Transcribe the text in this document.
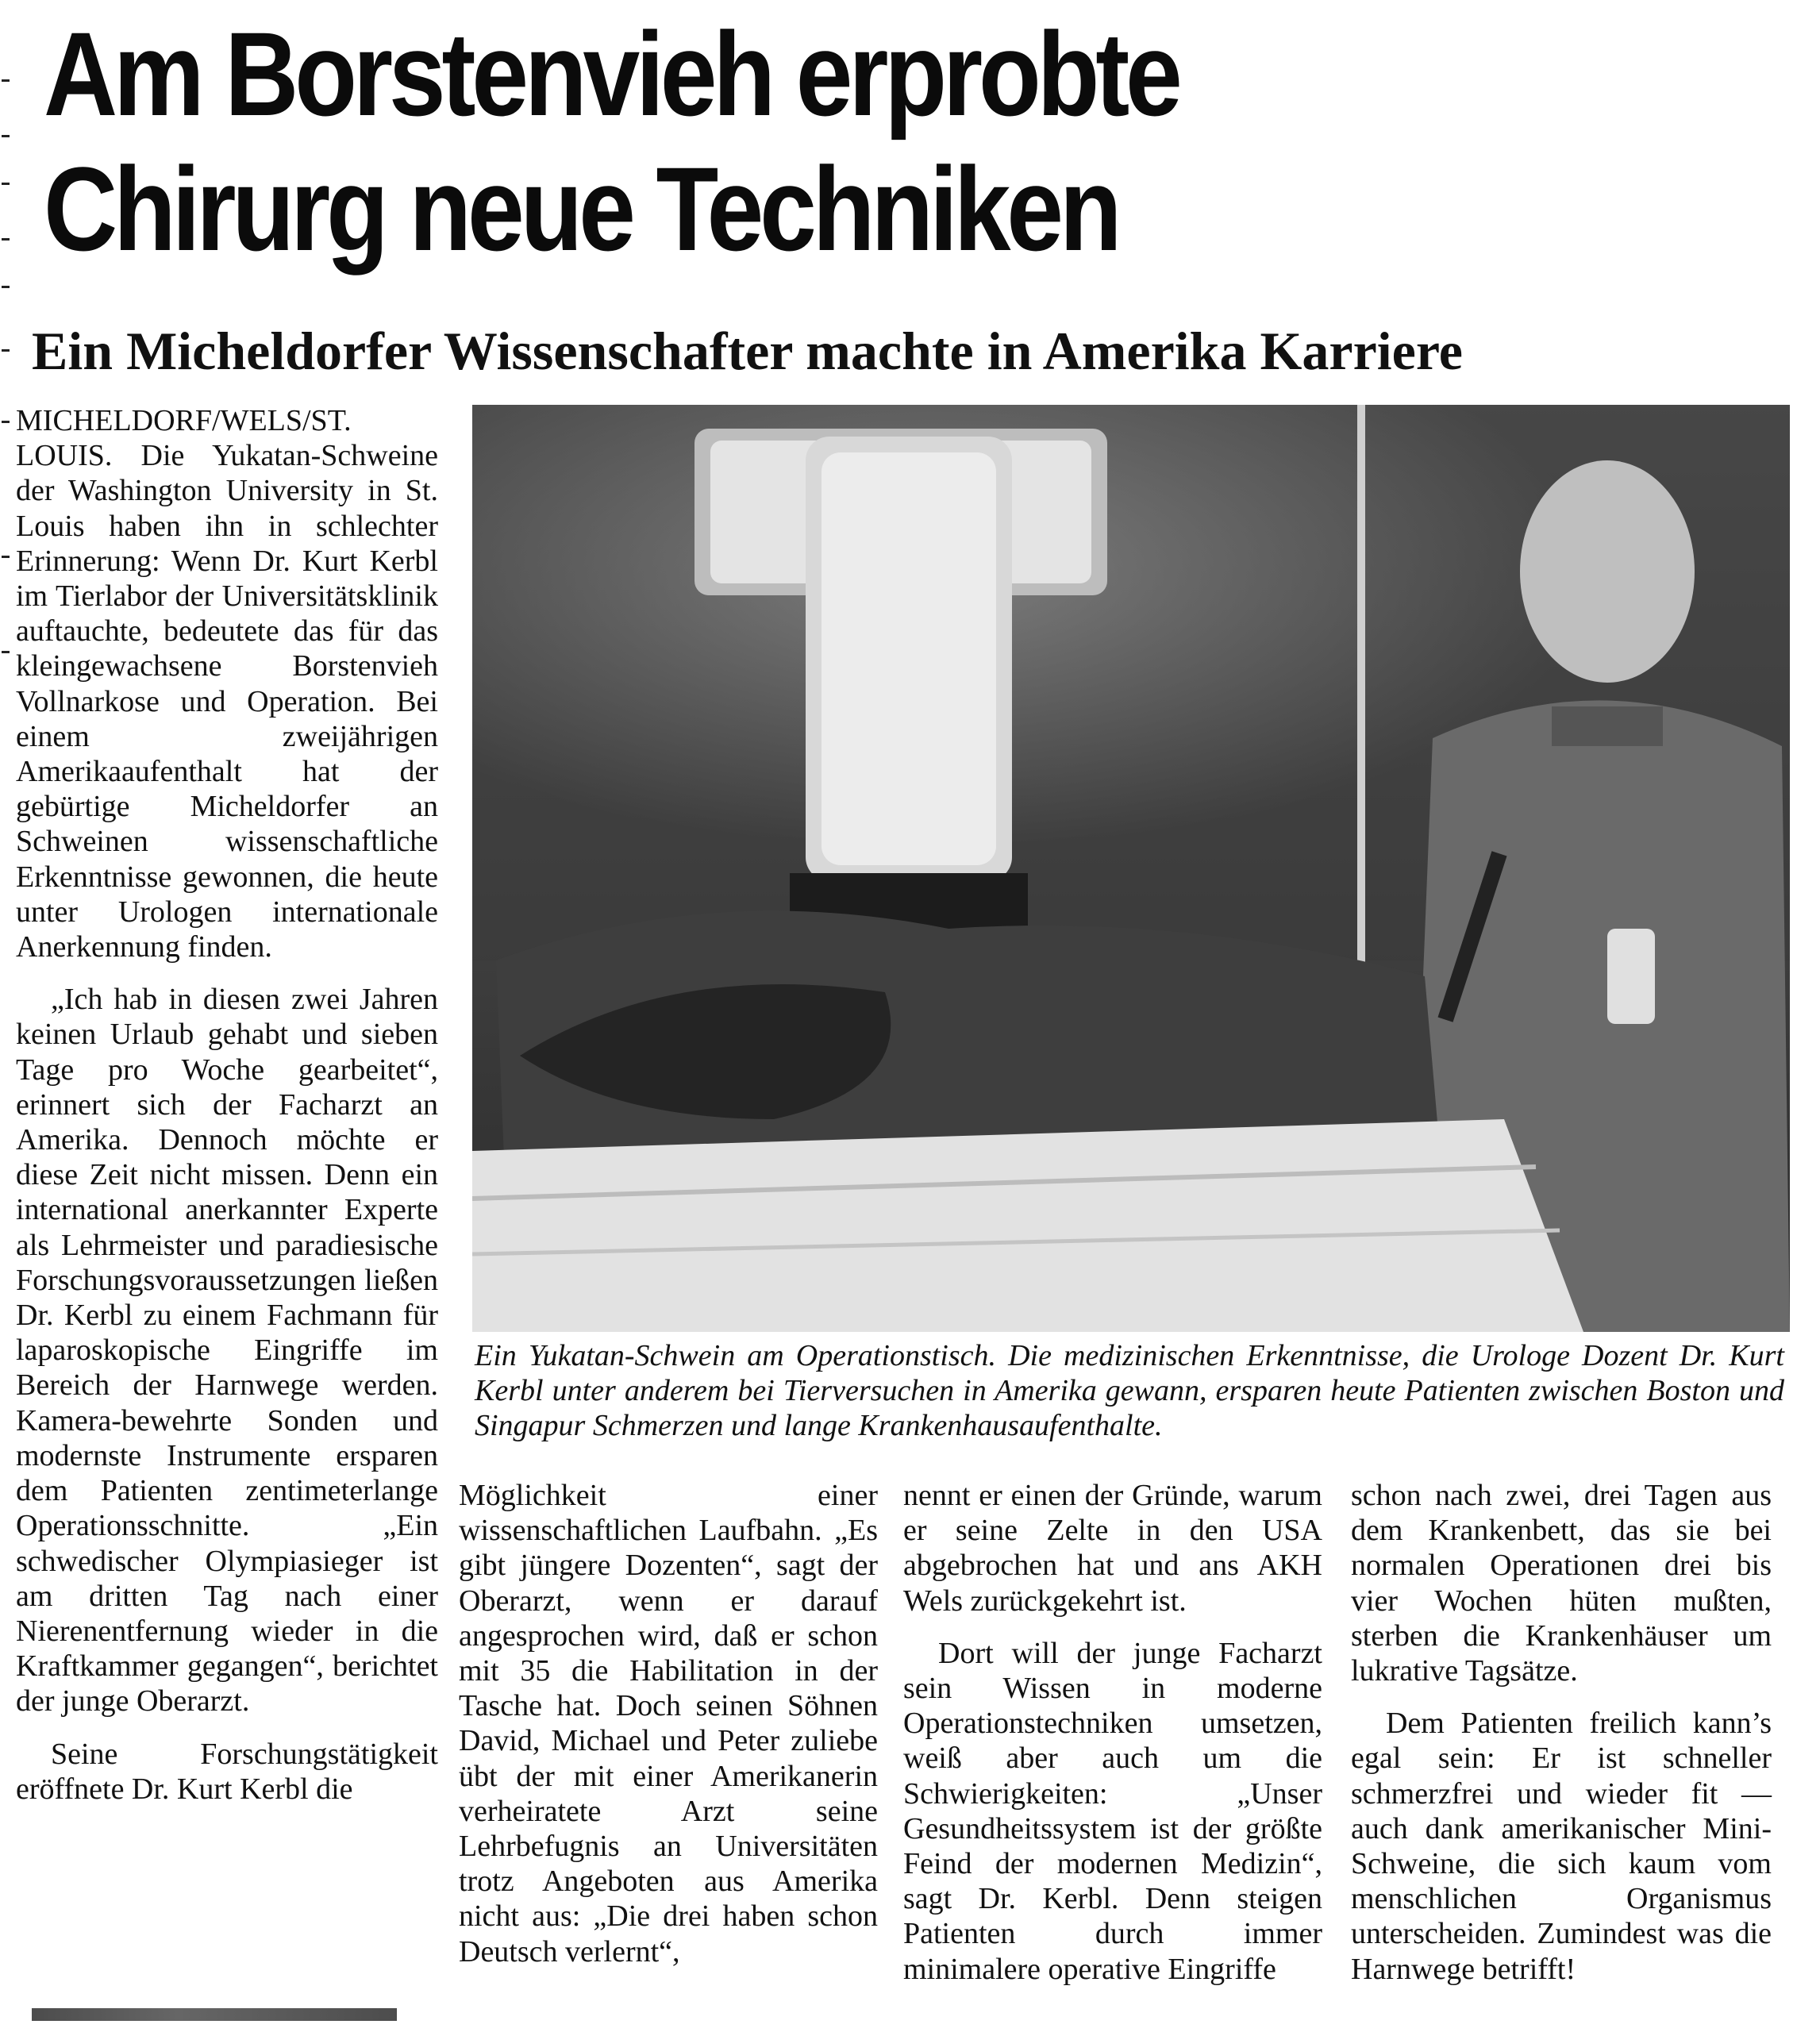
Am Borstenvieh erprobte
Chirurg neue Techniken
Ein Micheldorfer Wissenschafter machte in Amerika Karriere

MICHELDORF/WELS/ST. LOUIS. Die Yukatan-Schweine der Washington University in St. Louis haben ihn in schlechter Erinnerung: Wenn Dr. Kurt Kerbl im Tierlabor der Universitätsklinik auftauchte, bedeutete das für das kleingewachsene Borstenvieh Vollnarkose und Operation. Bei einem zweijährigen Amerikaaufenthalt hat der gebürtige Micheldorfer an Schweinen wissenschaftliche Erkenntnisse gewonnen, die heute unter Urologen internationale Anerkennung finden.

„Ich hab in diesen zwei Jahren keinen Urlaub gehabt und sieben Tage pro Woche gearbeitet“, erinnert sich der Facharzt an Amerika. Dennoch möchte er diese Zeit nicht missen. Denn ein international anerkannter Experte als Lehrmeister und paradiesische Forschungsvoraussetzungen ließen Dr. Kerbl zu einem Fachmann für laparoskopische Eingriffe im Bereich der Harnwege werden. Kamera-bewehrte Sonden und modernste Instrumente ersparen dem Patienten zentimeterlange Operationsschnitte. „Ein schwedischer Olympiasieger ist am dritten Tag nach einer Nierenentfernung wieder in die Kraftkammer gegangen“, berichtet der junge Oberarzt.

Seine Forschungstätigkeit eröffnete Dr. Kurt Kerbl die

Ein Yukatan-Schwein am Operationstisch. Die medizinischen Erkenntnisse, die Urologe Dozent Dr. Kurt Kerbl unter anderem bei Tierversuchen in Amerika gewann, ersparen heute Patienten zwischen Boston und Singapur Schmerzen und lange Krankenhausaufenthalte.

Möglichkeit einer wissenschaftlichen Laufbahn. „Es gibt jüngere Dozenten“, sagt der Oberarzt, wenn er darauf angesprochen wird, daß er schon mit 35 die Habilitation in der Tasche hat. Doch seinen Söhnen David, Michael und Peter zuliebe übt der mit einer Amerikanerin verheiratete Arzt seine Lehrbefugnis an Universitäten trotz Angeboten aus Amerika nicht aus: „Die drei haben schon Deutsch verlernt“,

nennt er einen der Gründe, warum er seine Zelte in den USA abgebrochen hat und ans AKH Wels zurückgekehrt ist.

Dort will der junge Facharzt sein Wissen in moderne Operationstechniken umsetzen, weiß aber auch um die Schwierigkeiten: „Unser Gesundheitssystem ist der größte Feind der modernen Medizin“, sagt Dr. Kerbl. Denn steigen Patienten durch immer minimalere operative Eingriffe

schon nach zwei, drei Tagen aus dem Krankenbett, das sie bei normalen Operationen drei bis vier Wochen hüten mußten, sterben die Krankenhäuser um lukrative Tagsätze.

Dem Patienten freilich kann’s egal sein: Er ist schneller schmerzfrei und wieder fit — auch dank amerikanischer Mini-Schweine, die sich kaum vom menschlichen Organismus unterscheiden. Zumindest was die Harnwege betrifft!
